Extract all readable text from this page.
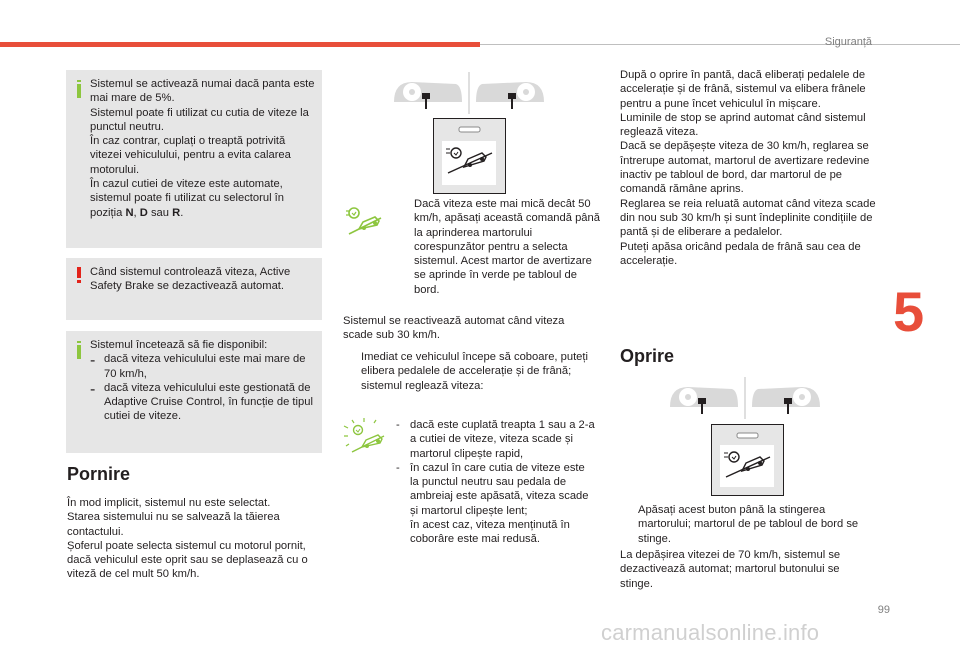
Siguranță
5
99
carmanualsonline.info

Sistemul se activează numai dacă panta este mai mare de 5%.

Sistemul poate fi utilizat cu cutia de viteze la punctul neutru.

În caz contrar, cuplați o treaptă potrivită vitezei vehiculului, pentru a evita calarea motorului.

În cazul cutiei de viteze este automate, sistemul poate fi utilizat cu selectorul în poziția N, D sau R.

Când sistemul controlează viteza, Active Safety Brake se dezactivează automat.

Sistemul încetează să fie disponibil:

- dacă viteza vehiculului este mai mare de 70 km/h,

- dacă viteza vehiculului este gestionată de Adaptive Cruise Control, în funcție de tipul cutiei de viteze.

Pornire

În mod implicit, sistemul nu este selectat.

Starea sistemului nu se salvează la tăierea contactului.

Șoferul poate selecta sistemul cu motorul pornit, dacă vehiculul este oprit sau se deplasează cu o viteză de cel mult 50 km/h.

Dacă viteza este mai mică decât 50 km/h, apăsați această comandă până la aprinderea martorului corespunzător pentru a selecta sistemul. Acest martor de avertizare se aprinde în verde pe tabloul de bord.

Sistemul se reactivează automat când viteza scade sub 30 km/h.

Imediat ce vehiculul începe să coboare, puteți elibera pedalele de accelerație și de frână; sistemul reglează viteza:

- dacă este cuplată treapta 1 sau a 2-a a cutiei de viteze, viteza scade și martorul clipește rapid,

- în cazul în care cutia de viteze este la punctul neutru sau pedala de ambreiaj este apăsată, viteza scade și martorul clipește lent;

în acest caz, viteza menținută în coborâre este mai redusă.

După o oprire în pantă, dacă eliberați pedalele de accelerație și de frână, sistemul va elibera frânele pentru a pune încet vehiculul în mișcare.

Luminile de stop se aprind automat când sistemul reglează viteza.

Dacă se depășește viteza de 30 km/h, reglarea se întrerupe automat, martorul de avertizare redevine inactiv pe tabloul de bord, dar martorul de pe comandă rămâne aprins.

Reglarea se reia reluată automat când viteza scade din nou sub 30 km/h și sunt îndeplinite condițiile de pantă și de eliberare a pedalelor.

Puteți apăsa oricând pedala de frână sau cea de accelerație.

Oprire

Apăsați acest buton până la stingerea martorului; martorul de pe tabloul de bord se stinge.

La depășirea vitezei de 70 km/h, sistemul se dezactivează automat; martorul butonului se stinge.
